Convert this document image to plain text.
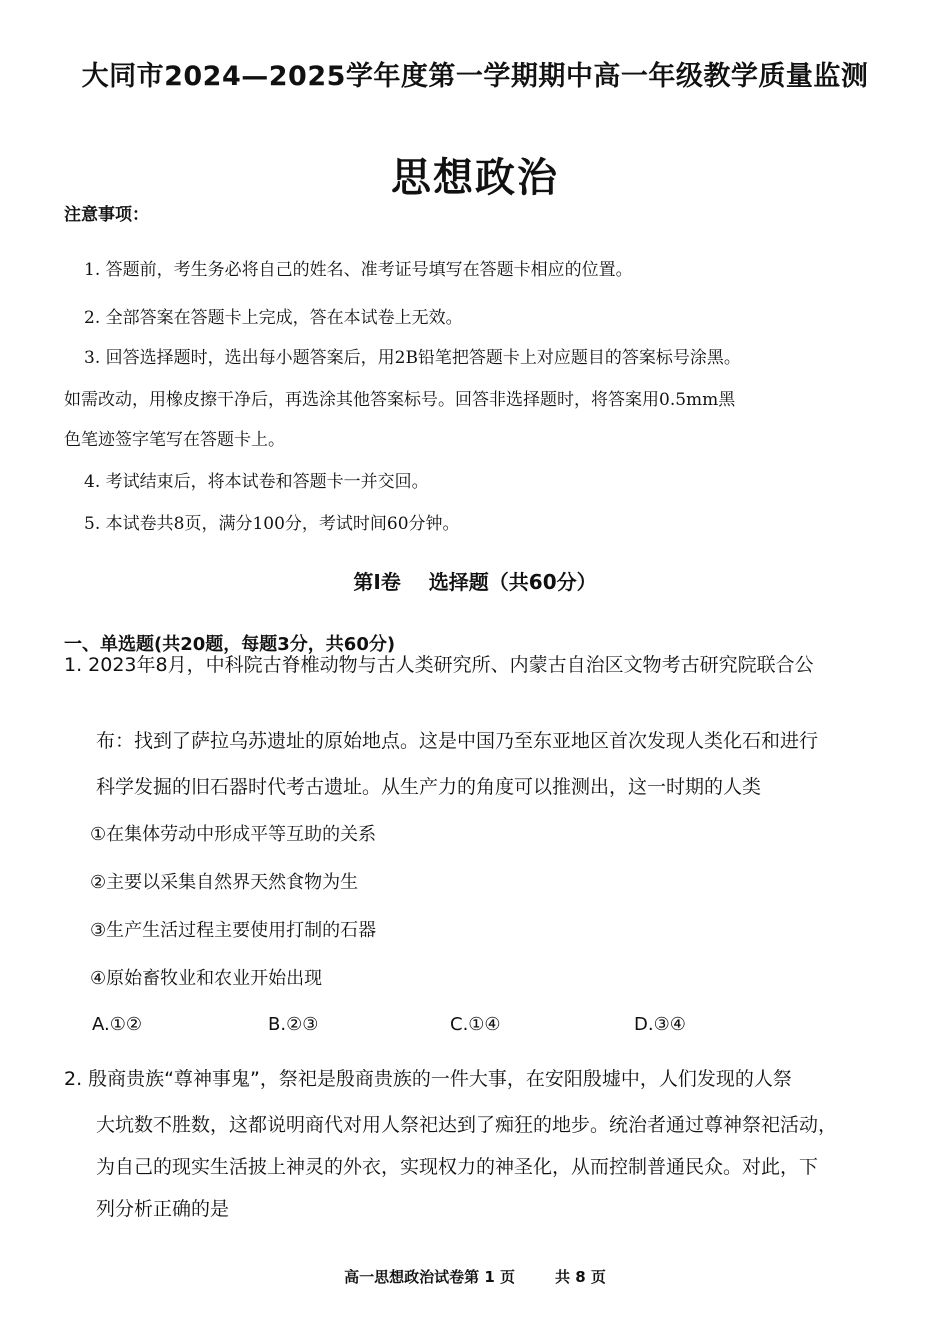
大同市2024—2025学年度第一学期期中高一年级教学质量监测
思想政治
注意事项：
1. 答题前，考生务必将自己的姓名、准考证号填写在答题卡相应的位置。
2. 全部答案在答题卡上完成，答在本试卷上无效。
3. 回答选择题时，选出每小题答案后，用2B铅笔把答题卡上对应题目的答案标号涂黑。
如需改动，用橡皮擦干净后，再选涂其他答案标号。回答非选择题时，将答案用0.5mm黑
色笔迹签字笔写在答题卡上。
4. 考试结束后，将本试卷和答题卡一并交回。
5. 本试卷共8页，满分100分，考试时间60分钟。
第Ⅰ卷 选择题（共60分）
一、单选题(共20题，每题3分，共60分)
1. 2023年8月，中科院古脊椎动物与古人类研究所、内蒙古自治区文物考古研究院联合公
布：找到了萨拉乌苏遗址的原始地点。这是中国乃至东亚地区首次发现人类化石和进行
科学发掘的旧石器时代考古遗址。从生产力的角度可以推测出，这一时期的人类
①在集体劳动中形成平等互助的关系
②主要以采集自然界天然食物为生
③生产生活过程主要使用打制的石器
④原始畜牧业和农业开始出现
A.①②	B.②③	C.①④	D.③④
2. 殷商贵族“尊神事鬼”，祭祀是殷商贵族的一件大事，在安阳殷墟中，人们发现的人祭
大坑数不胜数，这都说明商代对用人祭祀达到了痴狂的地步。统治者通过尊神祭祀活动，
为自己的现实生活披上神灵的外衣，实现权力的神圣化，从而控制普通民众。对此，下
列分析正确的是
高一思想政治试卷第 1 页	共 8 页
